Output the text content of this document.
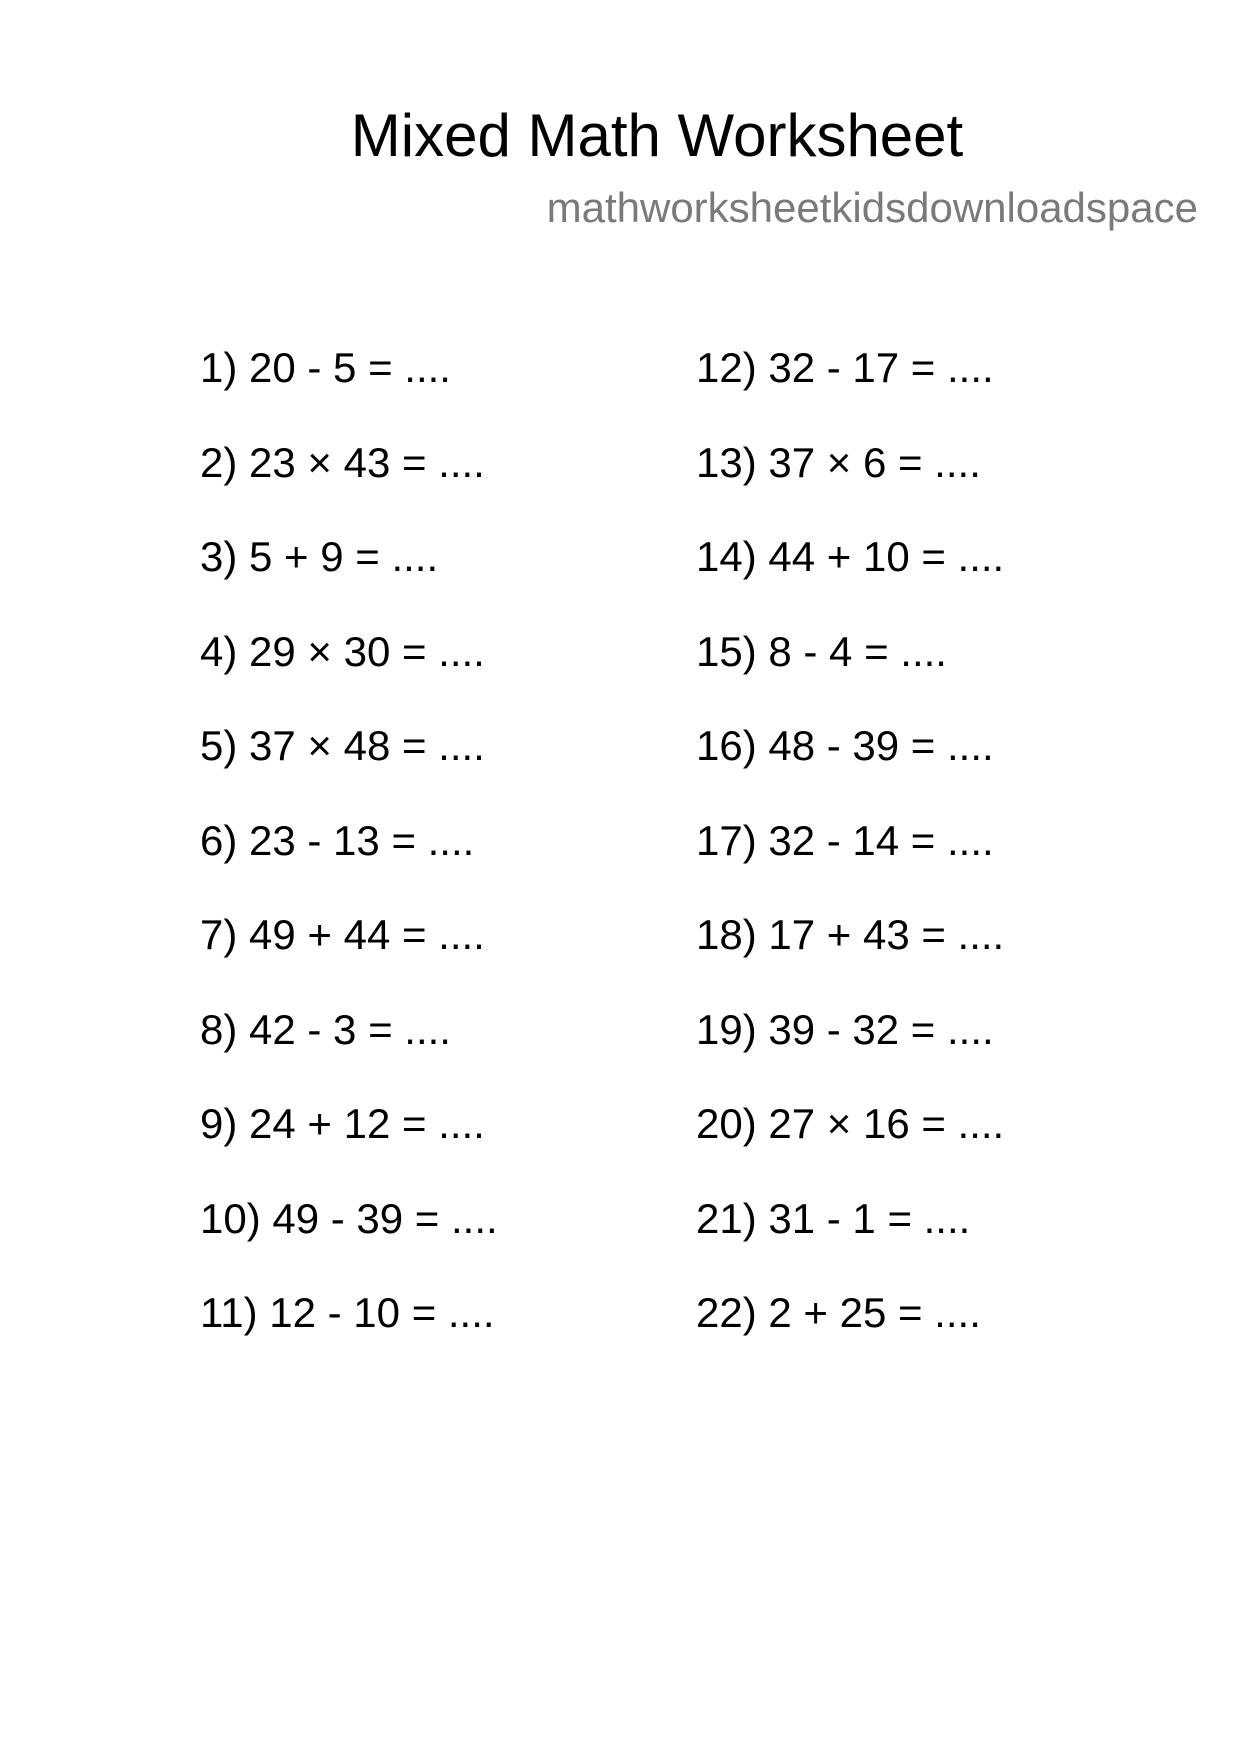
Mixed Math Worksheet
mathworksheetkidsdownloadspace
1 ) 20 - 5 = ....
2 ) 23 × 43 = ....
3 ) 5 + 9 = ....
4 ) 29 × 30 = ....
5 ) 37 × 48 = ....
6 ) 23 - 13 = ....
7 ) 49 + 44 = ....
8 ) 42 - 3 = ....
9 ) 24 + 12 = ....
10 ) 49 - 39 = ....
11 ) 12 - 10 = ....
12 ) 32 - 17 = ....
13 ) 37 × 6 = ....
14 ) 44 + 10 = ....
15 ) 8 - 4 = ....
16 ) 48 - 39 = ....
17 ) 32 - 14 = ....
18 ) 17 + 43 = ....
19 ) 39 - 32 = ....
20 ) 27 × 16 = ....
21 ) 31 - 1 = ....
22 ) 2 + 25 = ....
